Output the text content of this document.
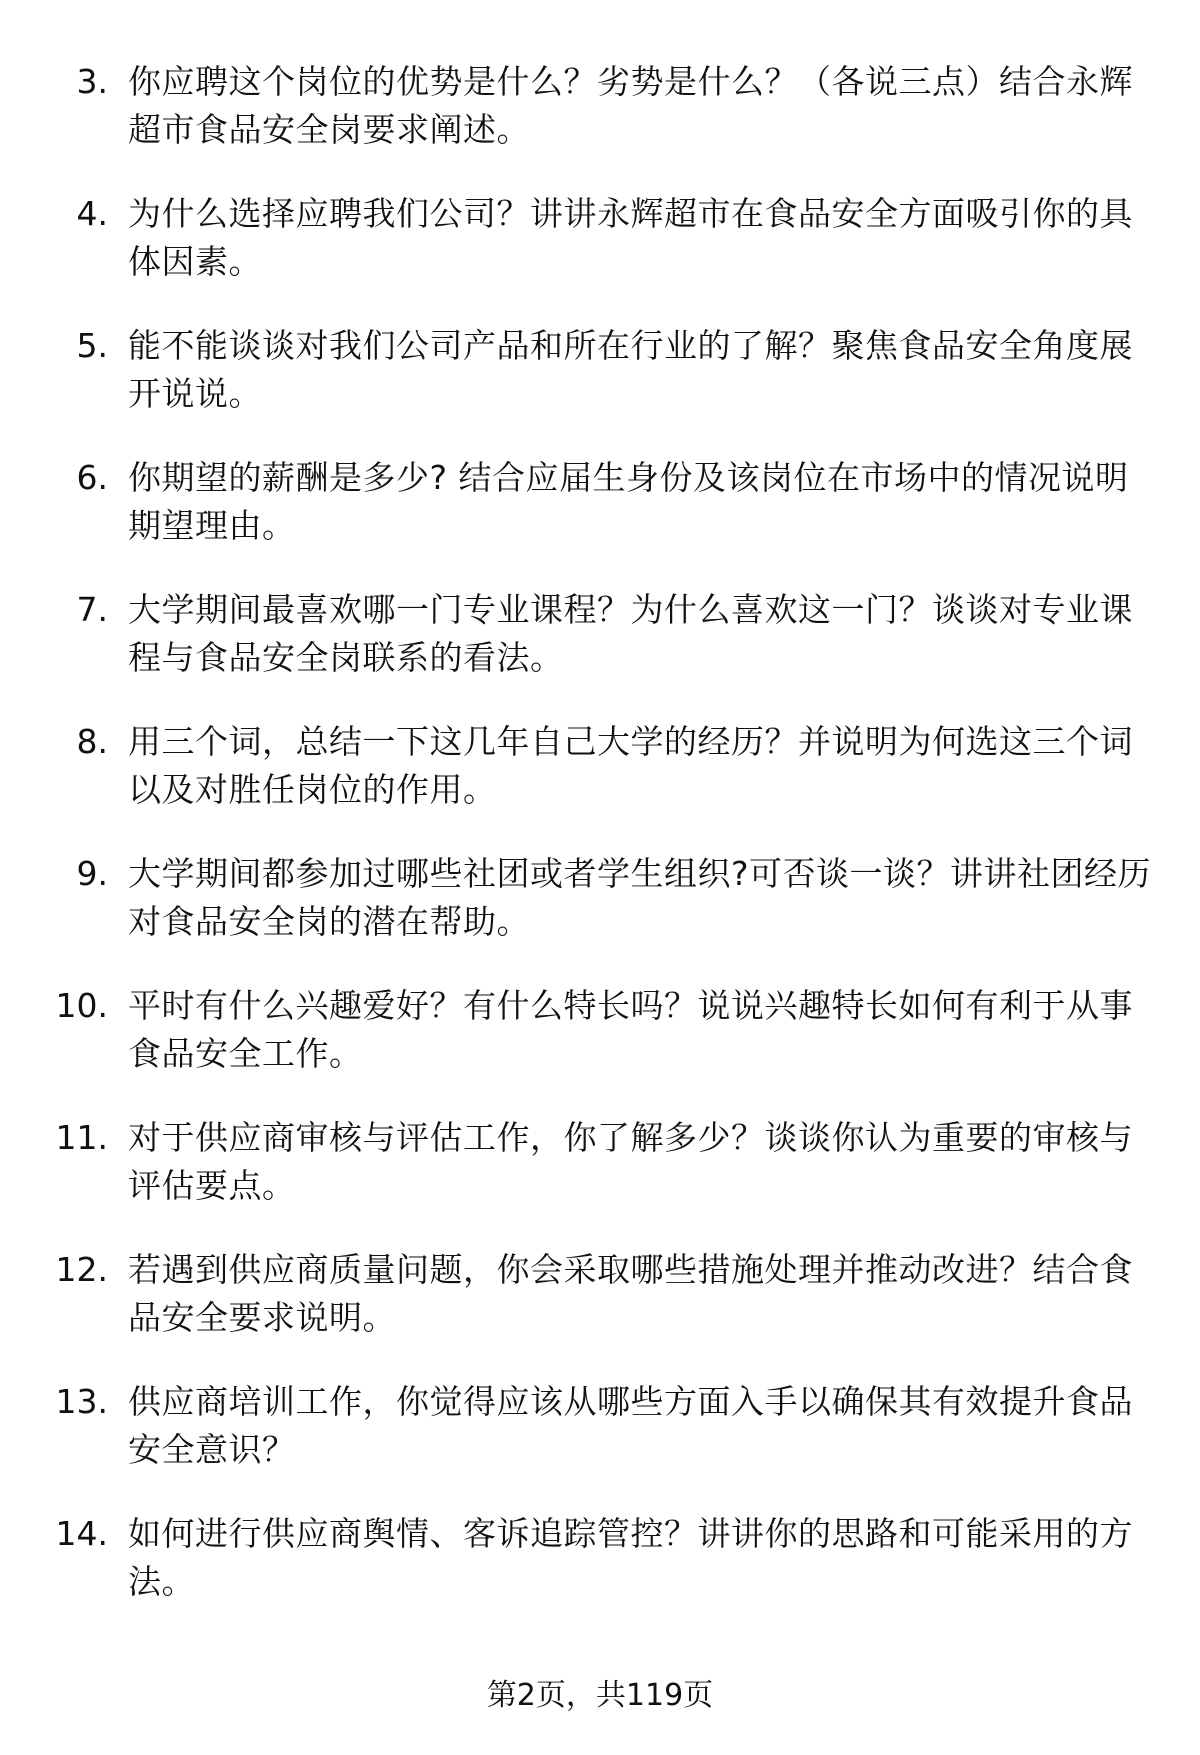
3. 你应聘这个岗位的优势是什么？劣势是什么？（各说三点）结合永辉超市食品安全岗要求阐述。
4. 为什么选择应聘我们公司？讲讲永辉超市在食品安全方面吸引你的具体因素。
5. 能不能谈谈对我们公司产品和所在行业的了解？聚焦食品安全角度展开说说。
6. 你期望的薪酬是多少? 结合应届生身份及该岗位在市场中的情况说明期望理由。
7. 大学期间最喜欢哪一门专业课程？为什么喜欢这一门？谈谈对专业课程与食品安全岗联系的看法。
8. 用三个词，总结一下这几年自己大学的经历？并说明为何选这三个词以及对胜任岗位的作用。
9. 大学期间都参加过哪些社团或者学生组织?可否谈一谈？讲讲社团经历对食品安全岗的潜在帮助。
10. 平时有什么兴趣爱好？有什么特长吗？说说兴趣特长如何有利于从事食品安全工作。
11. 对于供应商审核与评估工作，你了解多少？谈谈你认为重要的审核与评估要点。
12. 若遇到供应商质量问题，你会采取哪些措施处理并推动改进？结合食品安全要求说明。
13. 供应商培训工作，你觉得应该从哪些方面入手以确保其有效提升食品安全意识？
14. 如何进行供应商舆情、客诉追踪管控？讲讲你的思路和可能采用的方法。
第2页，共119页
